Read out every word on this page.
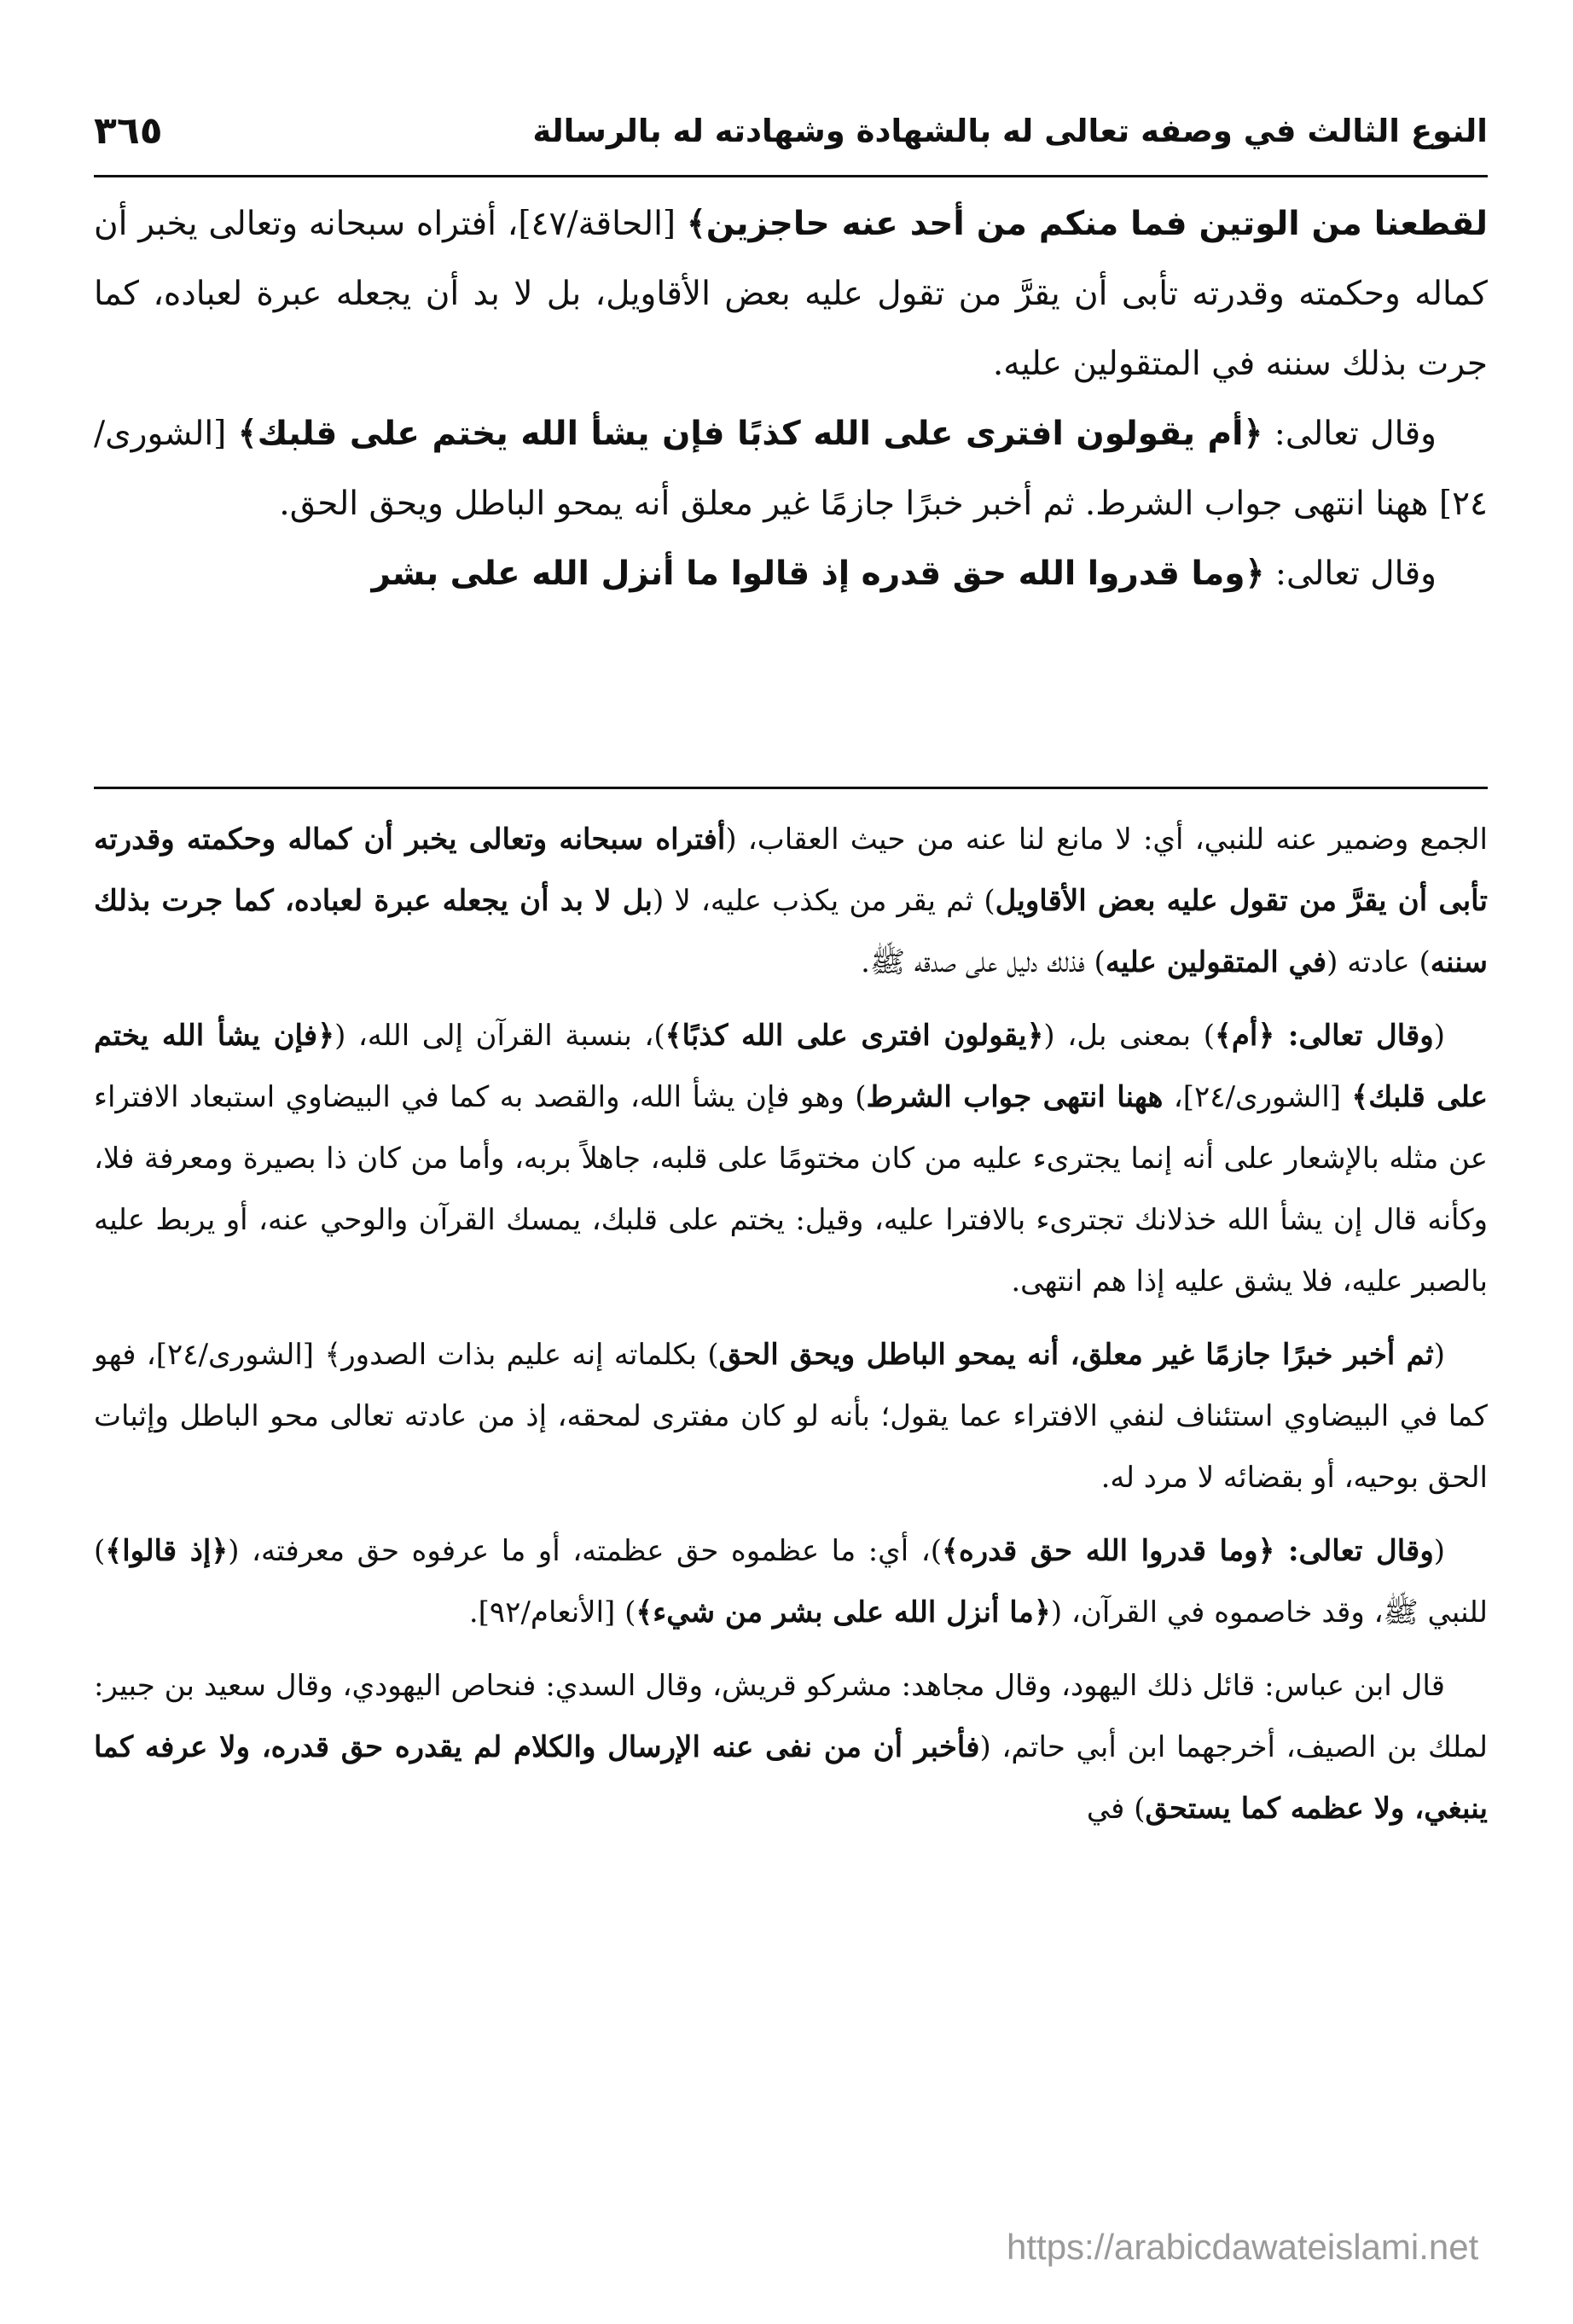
النوع الثالث في وصفه تعالى له بالشهادة وشهادته له بالرسالة
٣٦٥

لقطعنا من الوتين فما منكم من أحد عنه حاجزين﴾ [الحاقة/٤٧]، أفتراه سبحانه وتعالى يخبر أن كماله وحكمته وقدرته تأبى أن يقرَّ من تقول عليه بعض الأقاويل، بل لا بد أن يجعله عبرة لعباده، كما جرت بذلك سننه في المتقولين عليه.

وقال تعالى: ﴿أم يقولون افترى على الله كذبًا فإن يشأ الله يختم على قلبك﴾ [الشورى/٢٤] ههنا انتهى جواب الشرط. ثم أخبر خبرًا جازمًا غير معلق أنه يمحو الباطل ويحق الحق.

وقال تعالى: ﴿وما قدروا الله حق قدره إذ قالوا ما أنزل الله على بشر

الجمع وضمير عنه للنبي، أي: لا مانع لنا عنه من حيث العقاب، (أفتراه سبحانه وتعالى يخبر أن كماله وحكمته وقدرته تأبى أن يقرَّ من تقول عليه بعض الأقاويل) ثم يقر من يكذب عليه، لا (بل لا بد أن يجعله عبرة لعباده، كما جرت بذلك سننه) عادته (في المتقولين عليه) فذلك دليل على صدقه ﷺ.

(وقال تعالى: ﴿أم﴾) بمعنى بل، (﴿يقولون افترى على الله كذبًا﴾)، بنسبة القرآن إلى الله، (﴿فإن يشأ الله يختم على قلبك﴾ [الشورى/٢٤]، ههنا انتهى جواب الشرط) وهو فإن يشأ الله، والقصد به كما في البيضاوي استبعاد الافتراء عن مثله بالإشعار على أنه إنما يجترىء عليه من كان مختومًا على قلبه، جاهلاً بربه، وأما من كان ذا بصيرة ومعرفة فلا، وكأنه قال إن يشأ الله خذلانك تجترىء بالافترا عليه، وقيل: يختم على قلبك، يمسك القرآن والوحي عنه، أو يربط عليه بالصبر عليه، فلا يشق عليه إذا هم انتهى.

(ثم أخبر خبرًا جازمًا غير معلق، أنه يمحو الباطل ويحق الحق) بكلماته إنه عليم بذات الصدور﴾ [الشورى/٢٤]، فهو كما في البيضاوي استئناف لنفي الافتراء عما يقول؛ بأنه لو كان مفترى لمحقه، إذ من عادته تعالى محو الباطل وإثبات الحق بوحيه، أو بقضائه لا مرد له.

(وقال تعالى: ﴿وما قدروا الله حق قدره﴾)، أي: ما عظموه حق عظمته، أو ما عرفوه حق معرفته، (﴿إذ قالوا﴾) للنبي ﷺ، وقد خاصموه في القرآن، (﴿ما أنزل الله على بشر من شيء﴾) [الأنعام/٩٢].

قال ابن عباس: قائل ذلك اليهود، وقال مجاهد: مشركو قريش، وقال السدي: فنحاص اليهودي، وقال سعيد بن جبير: لملك بن الصيف، أخرجهما ابن أبي حاتم، (فأخبر أن من نفى عنه الإرسال والكلام لم يقدره حق قدره، ولا عرفه كما ينبغي، ولا عظمه كما يستحق) في

https://arabicdawateislami.net
